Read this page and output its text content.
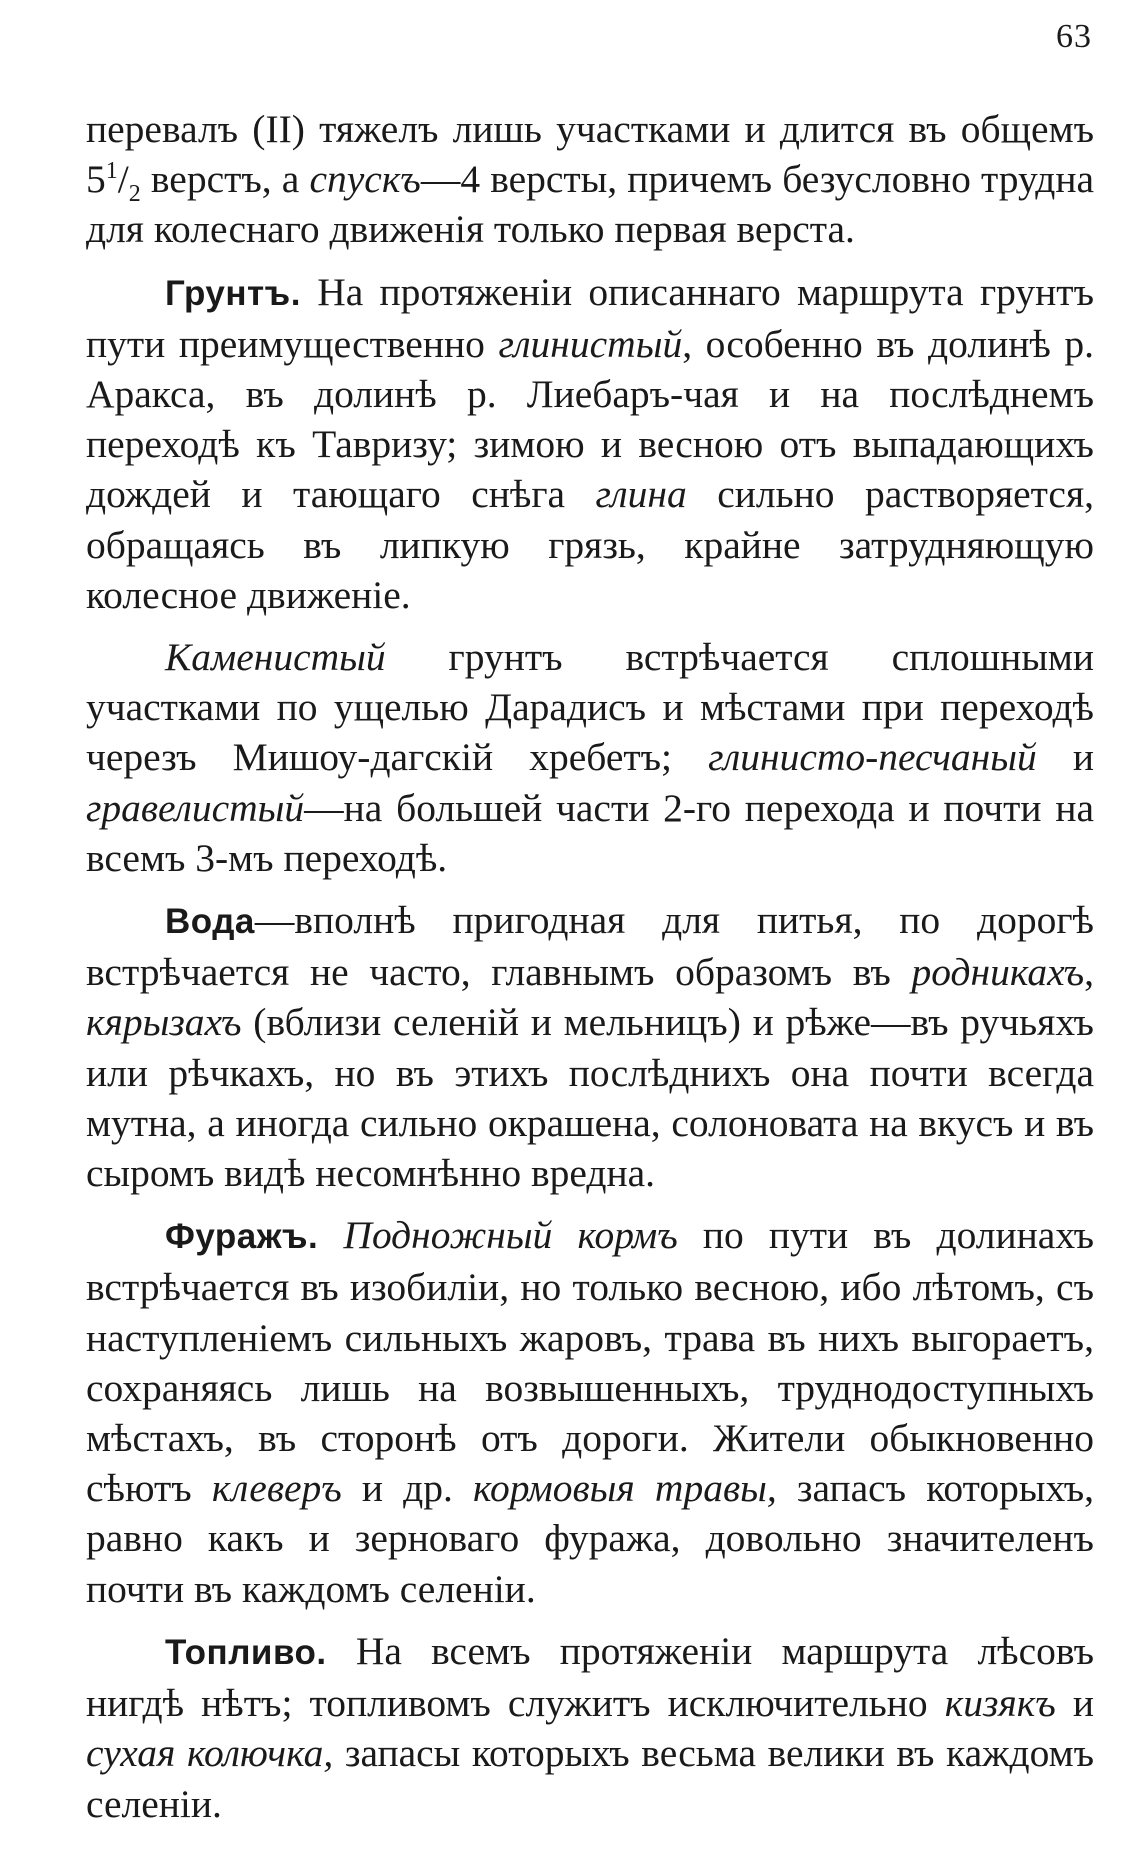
63

перевалъ (II) тяжелъ лишь участками и длится въ общемъ $5^1/_2$ верстъ, а спускъ—4 версты, причемъ безусловно трудна для колеснаго движенія только первая верста.

Грунтъ. На протяженіи описаннаго маршрута грунтъ пути преимущественно глинистый, особенно въ долинѣ р. Аракса, въ долинѣ р. Лиебаръ-чая и на послѣднемъ переходѣ къ Тавризу; зимою и весною отъ выпадающихъ дождей и тающаго снѣга глина сильно растворяется, обращаясь въ липкую грязь, крайне затрудняющую колесное движеніе.

Каменистый грунтъ встрѣчается сплошными участками по ущелью Дарадисъ и мѣстами при переходѣ черезъ Мишоу-дагскій хребетъ; глинисто-песчаный и гравелистый—на большей части 2-го перехода и почти на всемъ 3-мъ переходѣ.

Вода—вполнѣ пригодная для питья, по дорогѣ встрѣчается не часто, главнымъ образомъ въ родникахъ, кярызахъ (вблизи селеній и мельницъ) и рѣже—въ ручьяхъ или рѣчкахъ, но въ этихъ послѣднихъ она почти всегда мутна, а иногда сильно окрашена, солоновата на вкусъ и въ сыромъ видѣ несомнѣнно вредна.

Фуражъ. Подножный кормъ по пути въ долинахъ встрѣчается въ изобиліи, но только весною, ибо лѣтомъ, съ наступленіемъ сильныхъ жаровъ, трава въ нихъ выгораетъ, сохраняясь лишь на возвышенныхъ, труднодоступныхъ мѣстахъ, въ сторонѣ отъ дороги. Жители обыкновенно сѣютъ клеверъ и др. кормовыя травы, запасъ которыхъ, равно какъ и зерноваго фуража, довольно значителенъ почти въ каждомъ селеніи.

Топливо. На всемъ протяженіи маршрута лѣсовъ нигдѣ нѣтъ; топливомъ служитъ исключительно кизякъ и сухая колючка, запасы которыхъ весьма велики въ каждомъ селеніи.
